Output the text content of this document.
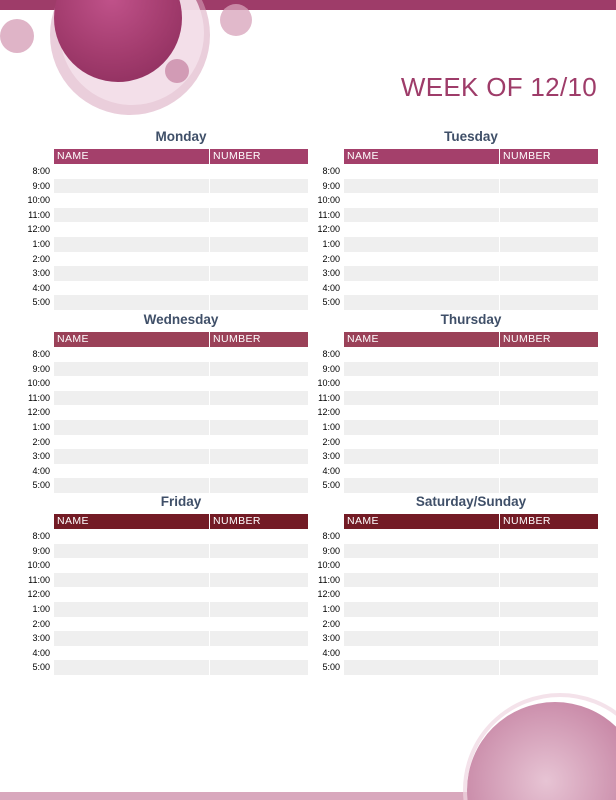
WEEK OF 12/10
Monday
NAME	NUMBER
8:00
9:00
10:00
11:00
12:00
1:00
2:00
3:00
4:00
5:00
Tuesday
NAME	NUMBER
8:00
9:00
10:00
11:00
12:00
1:00
2:00
3:00
4:00
5:00
Wednesday
NAME	NUMBER
8:00
9:00
10:00
11:00
12:00
1:00
2:00
3:00
4:00
5:00
Thursday
NAME	NUMBER
8:00
9:00
10:00
11:00
12:00
1:00
2:00
3:00
4:00
5:00
Friday
NAME	NUMBER
8:00
9:00
10:00
11:00
12:00
1:00
2:00
3:00
4:00
5:00
Saturday/Sunday
NAME	NUMBER
8:00
9:00
10:00
11:00
12:00
1:00
2:00
3:00
4:00
5:00
